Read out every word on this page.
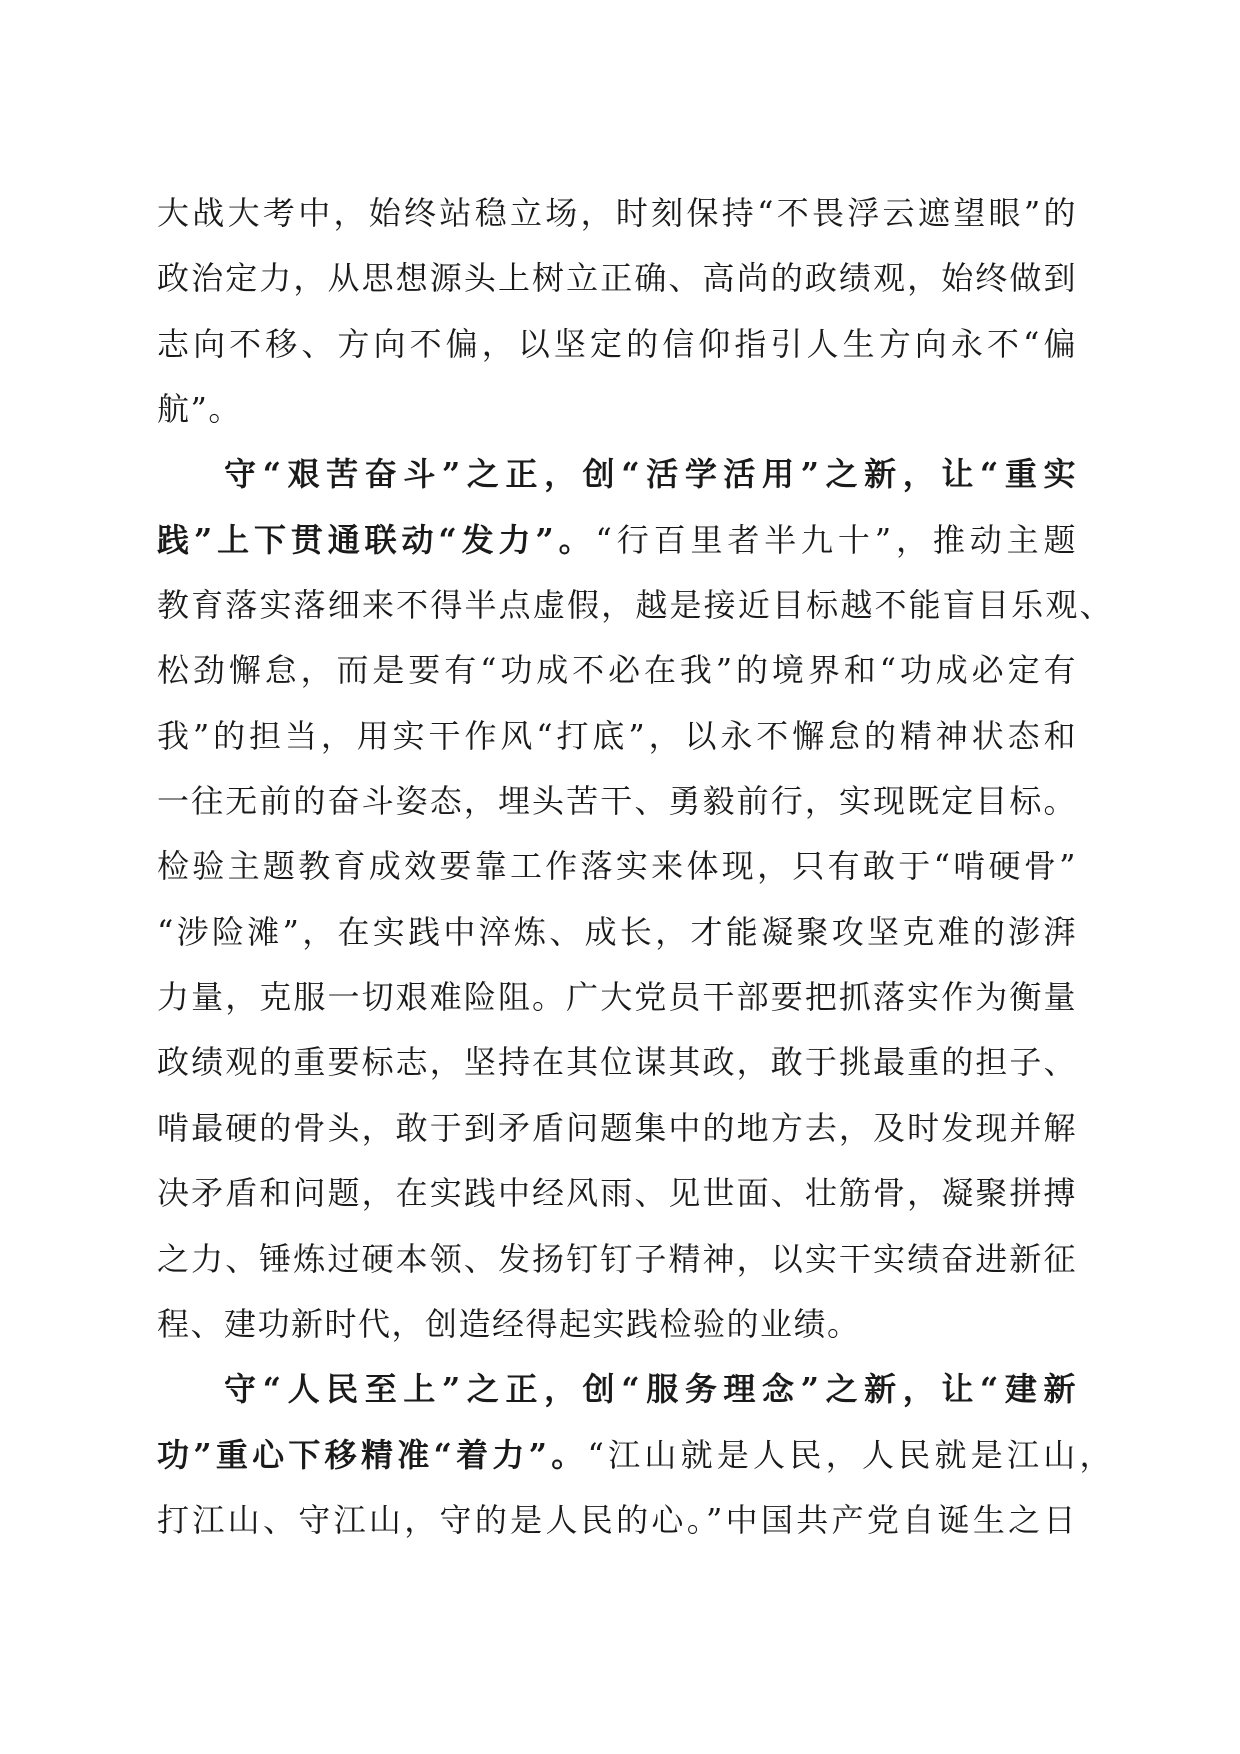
大战大考中，始终站稳立场，时刻保持“不畏浮云遮望眼”的
政治定力，从思想源头上树立正确、高尚的政绩观，始终做到
志向不移、方向不偏，以坚定的信仰指引人生方向永不“偏
航”。
守“艰苦奋斗”之正，创“活学活用”之新，让“重实
践”上下贯通联动“发力”。“行百里者半九十”，推动主题
教育落实落细来不得半点虚假，越是接近目标越不能盲目乐观、
松劲懈怠，而是要有“功成不必在我”的境界和“功成必定有
我”的担当，用实干作风“打底”，以永不懈怠的精神状态和
一往无前的奋斗姿态，埋头苦干、勇毅前行，实现既定目标。
检验主题教育成效要靠工作落实来体现，只有敢于“啃硬骨”
“涉险滩”，在实践中淬炼、成长，才能凝聚攻坚克难的澎湃
力量，克服一切艰难险阻。广大党员干部要把抓落实作为衡量
政绩观的重要标志，坚持在其位谋其政，敢于挑最重的担子、
啃最硬的骨头，敢于到矛盾问题集中的地方去，及时发现并解
决矛盾和问题，在实践中经风雨、见世面、壮筋骨，凝聚拼搏
之力、锤炼过硬本领、发扬钉钉子精神，以实干实绩奋进新征
程、建功新时代，创造经得起实践检验的业绩。
守“人民至上”之正，创“服务理念”之新，让“建新
功”重心下移精准“着力”。“江山就是人民，人民就是江山，
打江山、守江山，守的是人民的心。”中国共产党自诞生之日
